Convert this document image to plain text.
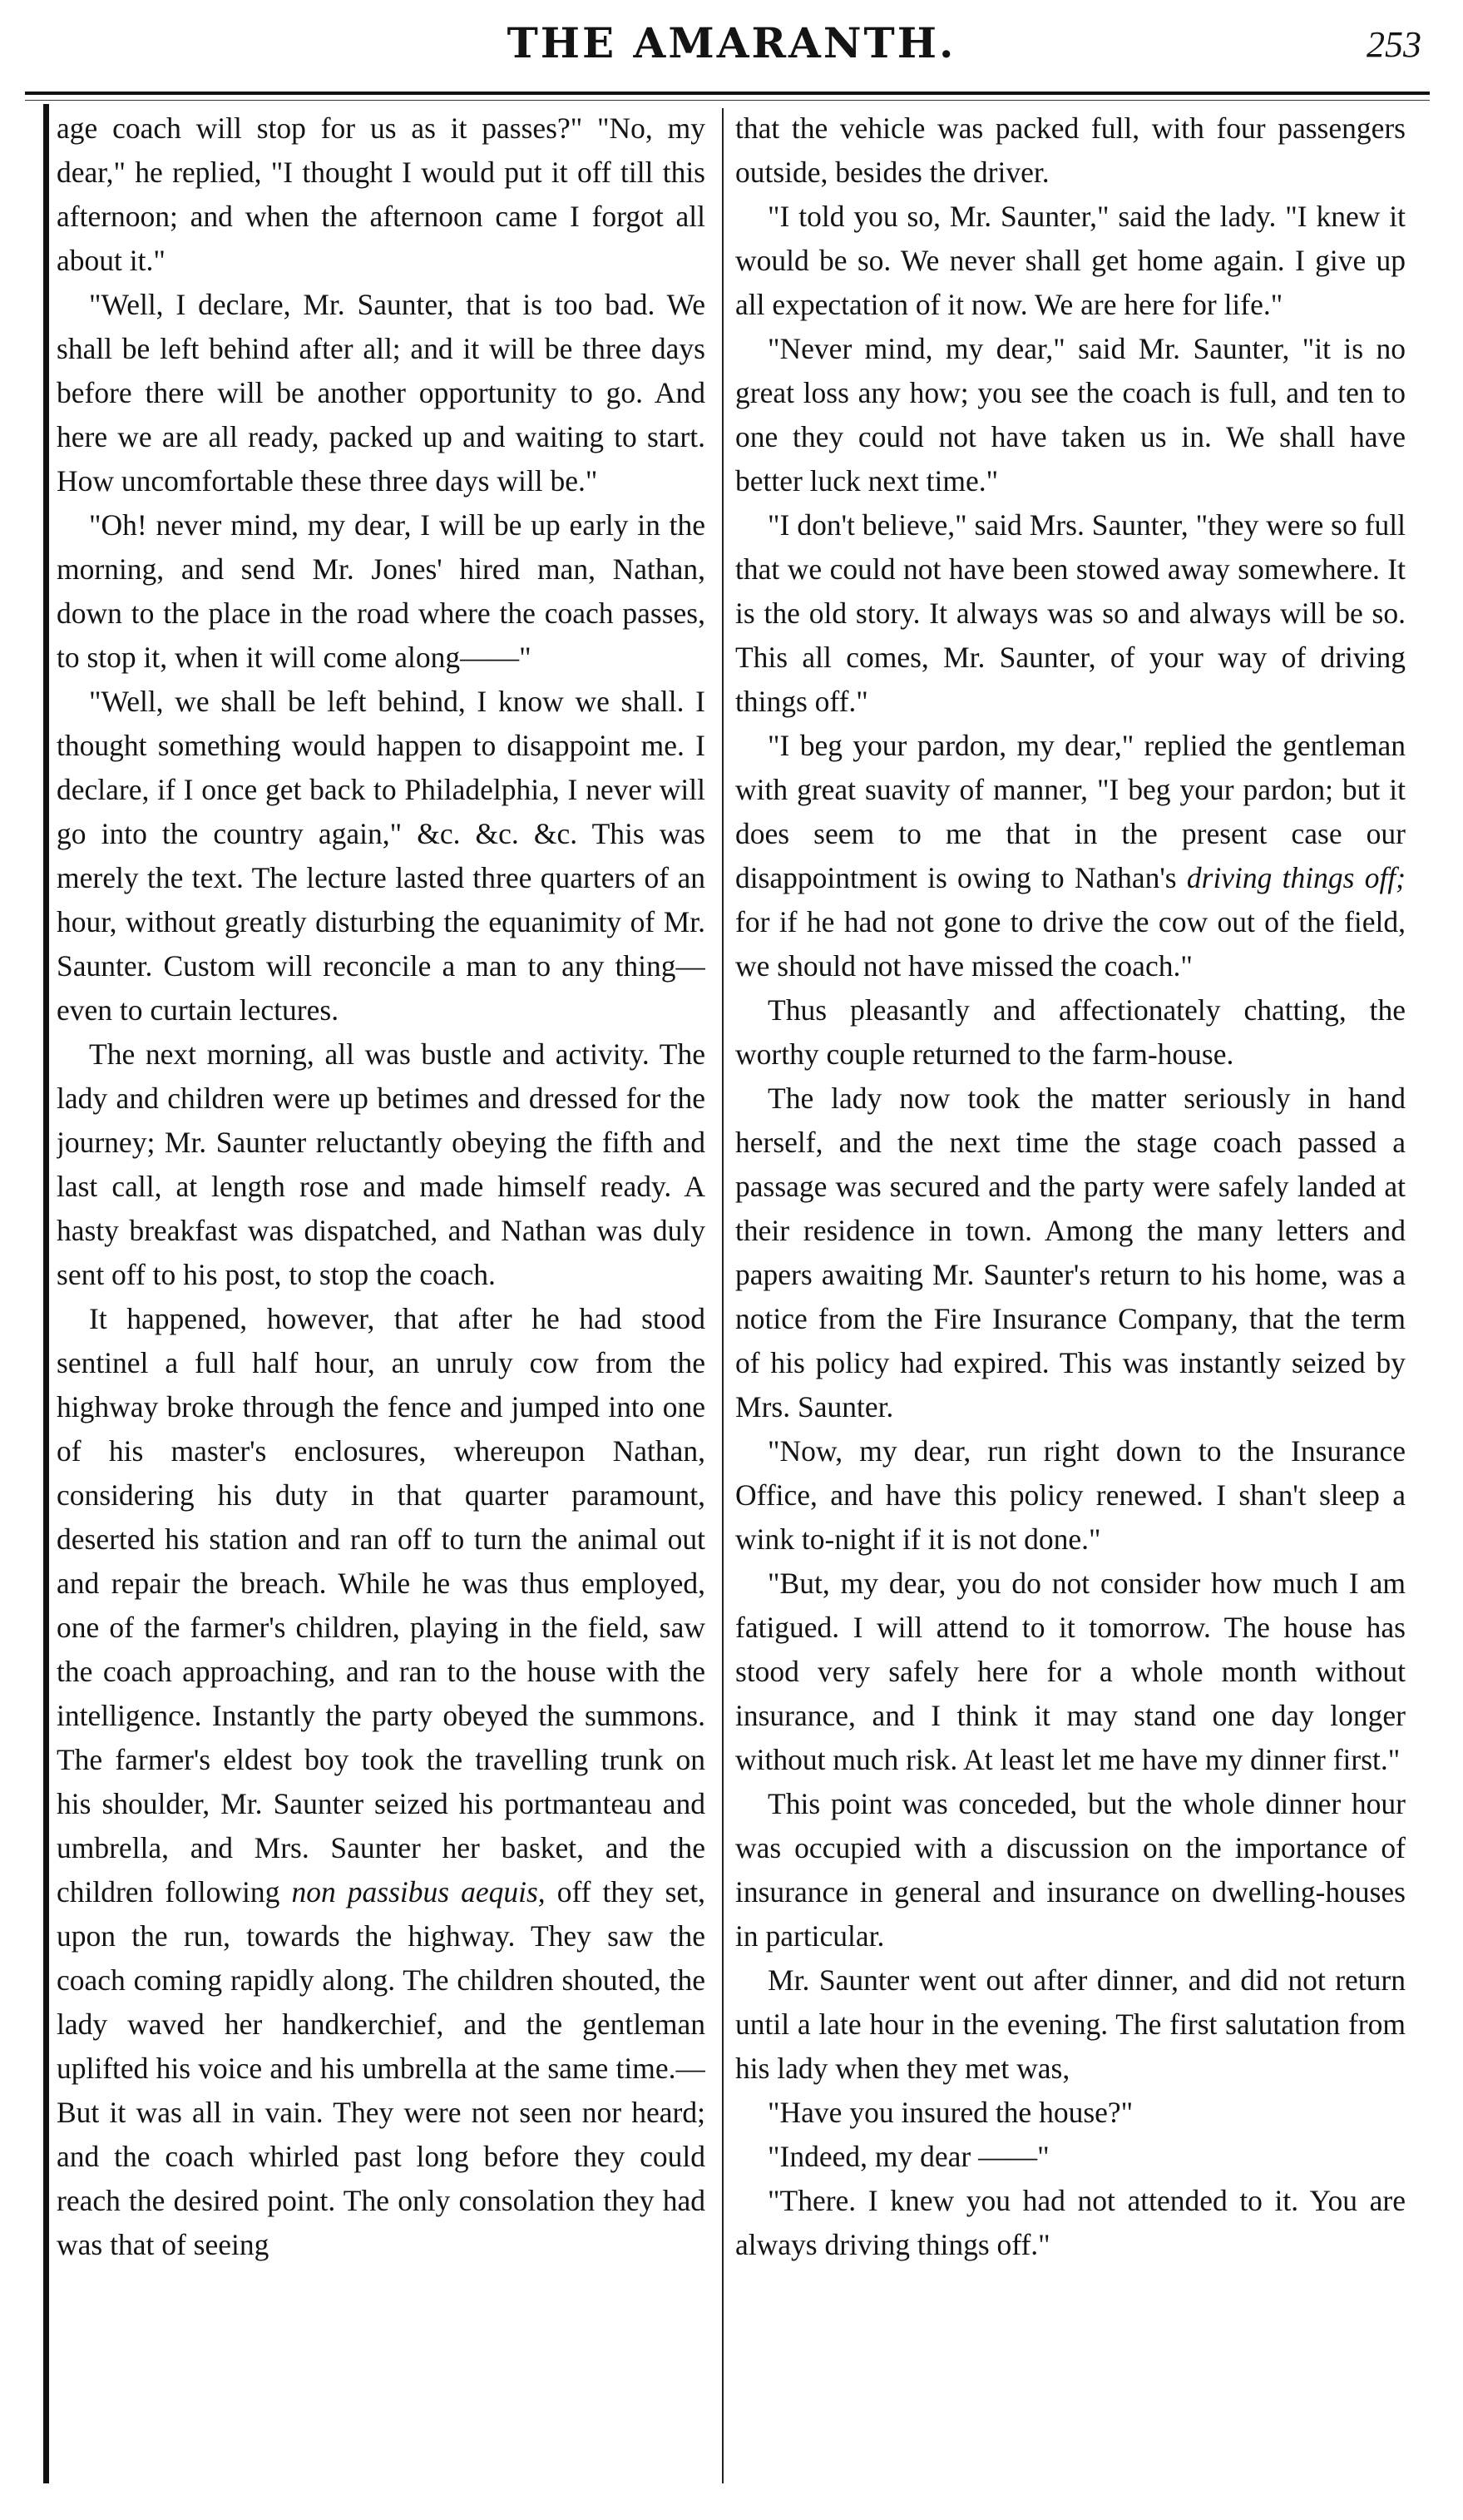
THE AMARANTH.	253

age coach will stop for us as it passes?" "No, my dear," he replied, "I thought I would put it off till this afternoon; and when the afternoon came I forgot all about it."

"Well, I declare, Mr. Saunter, that is too bad. We shall be left behind after all; and it will be three days before there will be another opportunity to go. And here we are all ready, packed up and waiting to start. How uncomfortable these three days will be."

"Oh! never mind, my dear, I will be up early in the morning, and send Mr. Jones' hired man, Nathan, down to the place in the road where the coach passes, to stop it, when it will come along——"

"Well, we shall be left behind, I know we shall. I thought something would happen to disappoint me. I declare, if I once get back to Philadelphia, I never will go into the country again," &c. &c. &c. This was merely the text. The lecture lasted three quarters of an hour, without greatly disturbing the equanimity of Mr. Saunter. Custom will reconcile a man to any thing—even to curtain lectures.

The next morning, all was bustle and activity. The lady and children were up betimes and dressed for the journey; Mr. Saunter reluctantly obeying the fifth and last call, at length rose and made himself ready. A hasty breakfast was dispatched, and Nathan was duly sent off to his post, to stop the coach.

It happened, however, that after he had stood sentinel a full half hour, an unruly cow from the highway broke through the fence and jumped into one of his master's enclosures, whereupon Nathan, considering his duty in that quarter paramount, deserted his station and ran off to turn the animal out and repair the breach. While he was thus employed, one of the farmer's children, playing in the field, saw the coach approaching, and ran to the house with the intelligence. Instantly the party obeyed the summons. The farmer's eldest boy took the travelling trunk on his shoulder, Mr. Saunter seized his portmanteau and umbrella, and Mrs. Saunter her basket, and the children following non passibus aequis, off they set, upon the run, towards the highway. They saw the coach coming rapidly along. The children shouted, the lady waved her handkerchief, and the gentleman uplifted his voice and his umbrella at the same time.— But it was all in vain. They were not seen nor heard; and the coach whirled past long before they could reach the desired point. The only consolation they had was that of seeing

that the vehicle was packed full, with four passengers outside, besides the driver.

"I told you so, Mr. Saunter," said the lady. "I knew it would be so. We never shall get home again. I give up all expectation of it now. We are here for life."

"Never mind, my dear," said Mr. Saunter, "it is no great loss any how; you see the coach is full, and ten to one they could not have taken us in. We shall have better luck next time."

"I don't believe," said Mrs. Saunter, "they were so full that we could not have been stowed away somewhere. It is the old story. It always was so and always will be so. This all comes, Mr. Saunter, of your way of driving things off."

"I beg your pardon, my dear," replied the gentleman with great suavity of manner, "I beg your pardon; but it does seem to me that in the present case our disappointment is owing to Nathan's driving things off; for if he had not gone to drive the cow out of the field, we should not have missed the coach."

Thus pleasantly and affectionately chatting, the worthy couple returned to the farm-house.

The lady now took the matter seriously in hand herself, and the next time the stage coach passed a passage was secured and the party were safely landed at their residence in town. Among the many letters and papers awaiting Mr. Saunter's return to his home, was a notice from the Fire Insurance Company, that the term of his policy had expired. This was instantly seized by Mrs. Saunter.

"Now, my dear, run right down to the Insurance Office, and have this policy renewed. I shan't sleep a wink to-night if it is not done."

"But, my dear, you do not consider how much I am fatigued. I will attend to it tomorrow. The house has stood very safely here for a whole month without insurance, and I think it may stand one day longer without much risk. At least let me have my dinner first."

This point was conceded, but the whole dinner hour was occupied with a discussion on the importance of insurance in general and insurance on dwelling-houses in particular.

Mr. Saunter went out after dinner, and did not return until a late hour in the evening. The first salutation from his lady when they met was,

"Have you insured the house?"

"Indeed, my dear ——"

"There. I knew you had not attended to it. You are always driving things off."
